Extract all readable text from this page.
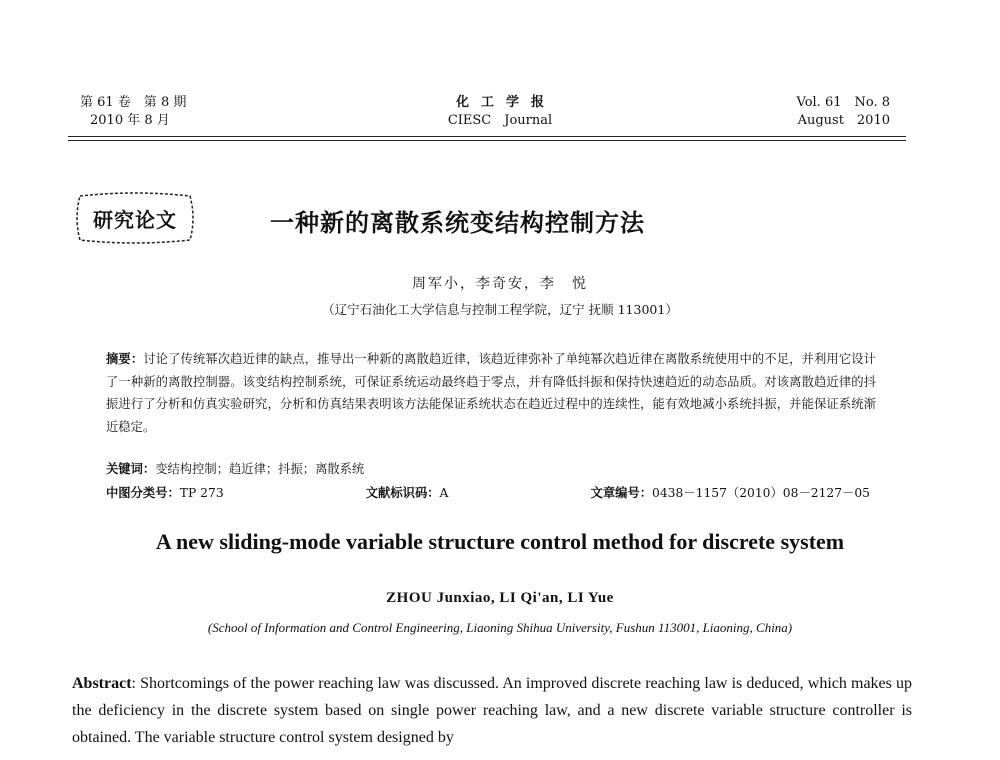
第 61 卷　第 8 期
2010 年 8 月
化工学报
CIESC　Journal
Vol. 61　No. 8
August　2010
研究论文	一种新的离散系统变结构控制方法
周军小，李奇安，李　悦
（辽宁石油化工大学信息与控制工程学院，辽宁 抚顺 113001）
摘要：讨论了传统幂次趋近律的缺点，推导出一种新的离散趋近律，该趋近律弥补了单纯幂次趋近律在离散系统使用中的不足，并利用它设计了一种新的离散控制器。该变结构控制系统，可保证系统运动最终趋于零点，并有降低抖振和保持快速趋近的动态品质。对该离散趋近律的抖振进行了分析和仿真实验研究，分析和仿真结果表明该方法能保证系统状态在趋近过程中的连续性，能有效地减小系统抖振，并能保证系统渐近稳定。
关键词：变结构控制；趋近律；抖振；离散系统
中图分类号：TP 273	文献标识码：A	文章编号：0438－1157（2010）08－2127－05
A new sliding-mode variable structure control method for discrete system
ZHOU Junxiao, LI Qi'an, LI Yue
(School of Information and Control Engineering, Liaoning Shihua University, Fushun 113001, Liaoning, China)
Abstract: Shortcomings of the power reaching law was discussed. An improved discrete reaching law is deduced, which makes up the deficiency in the discrete system based on single power reaching law, and a new discrete variable structure controller is obtained. The variable structure control system designed by
